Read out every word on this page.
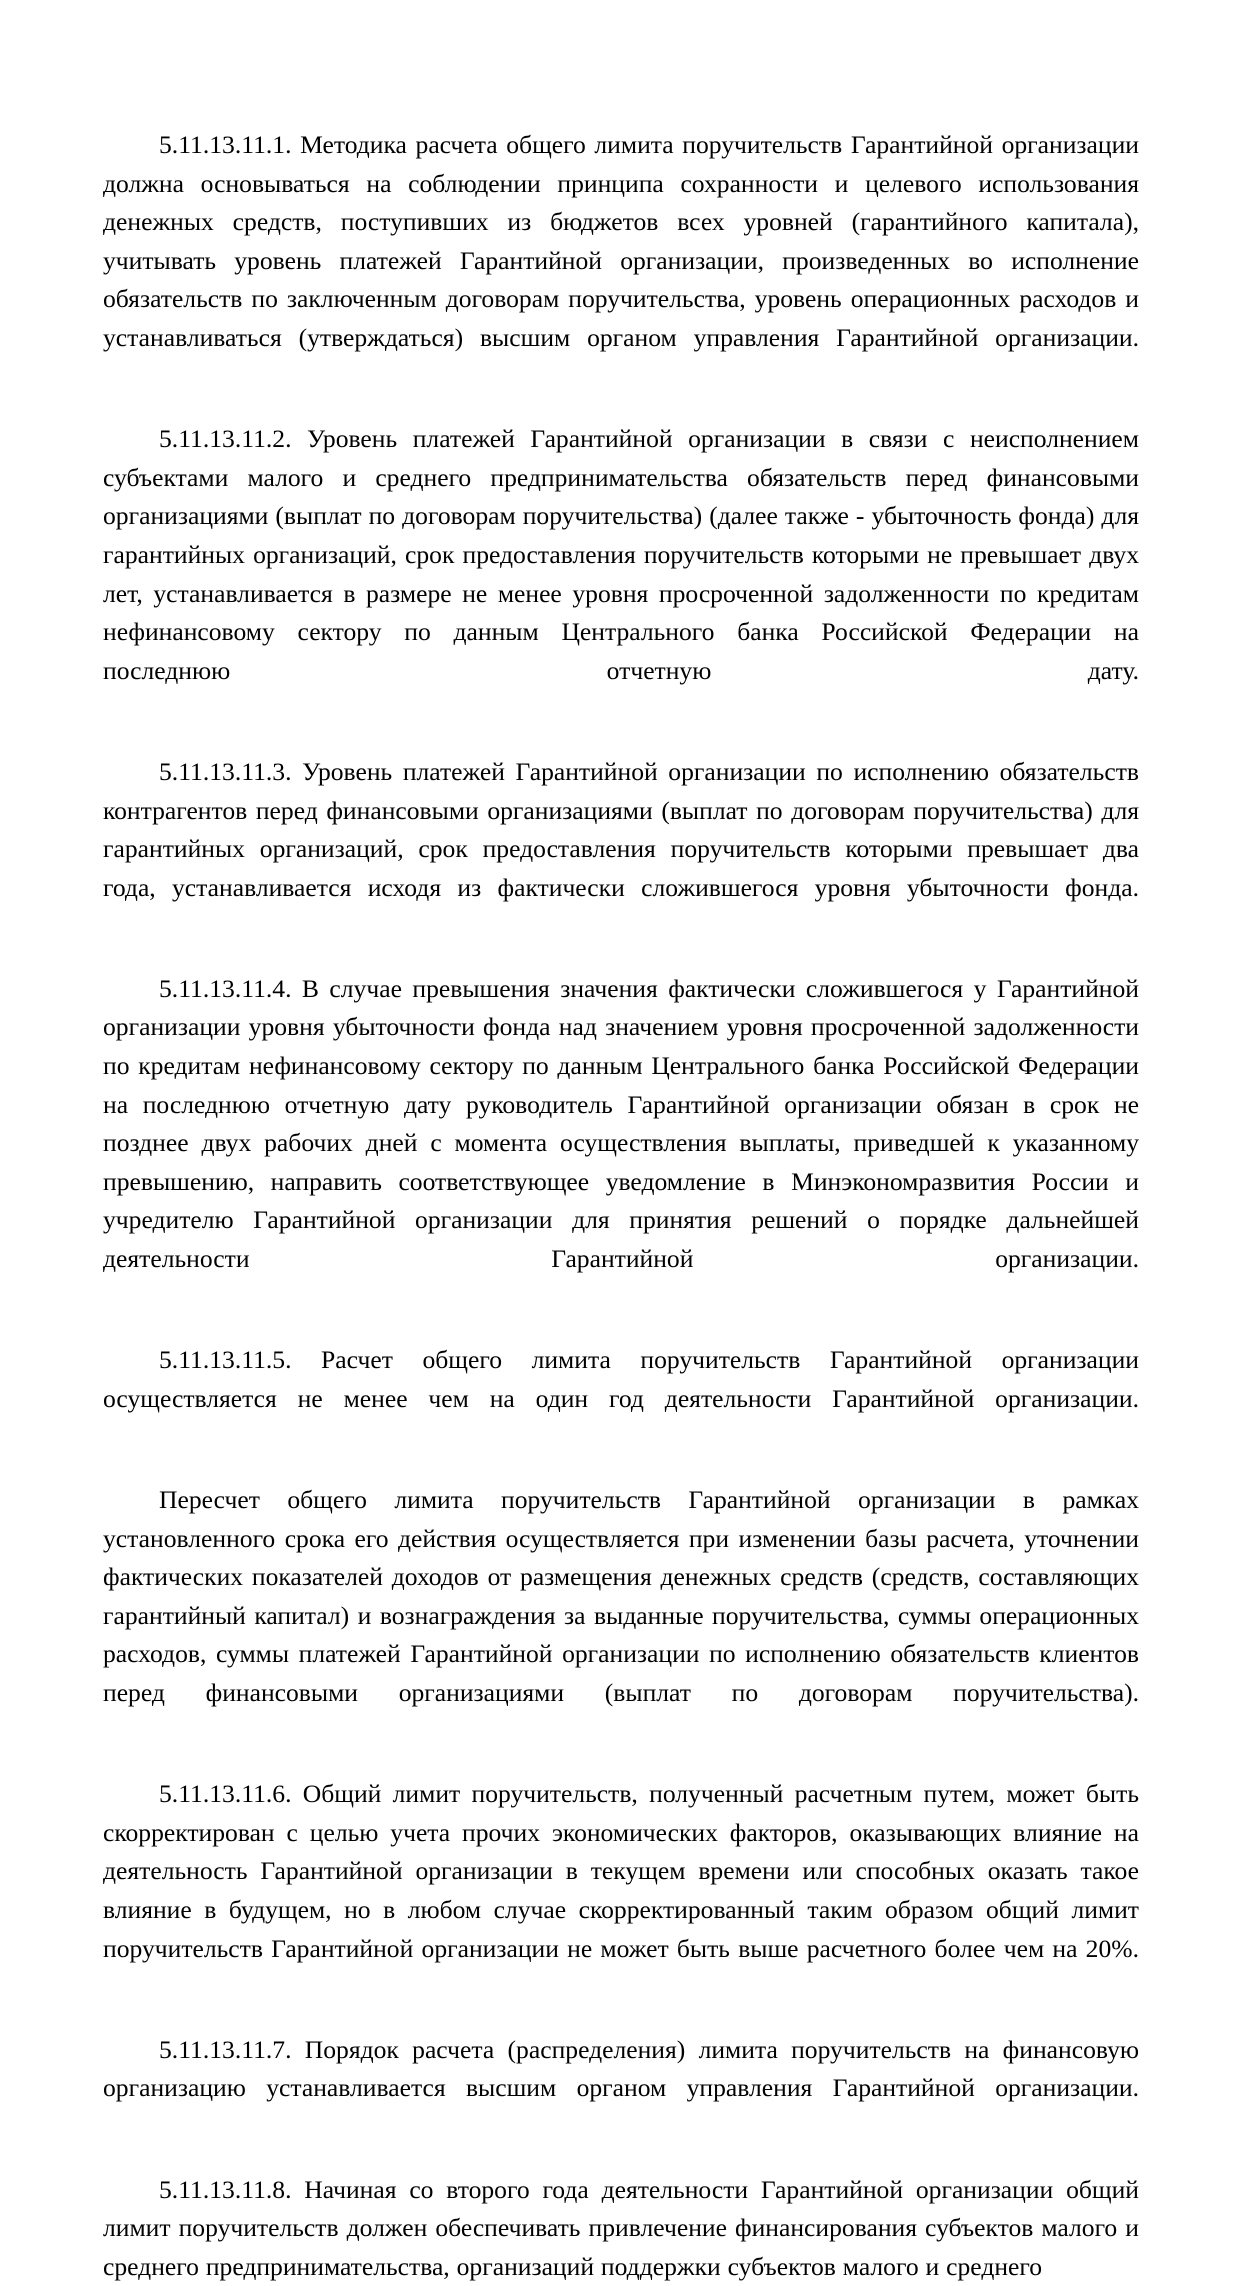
5.11.13.11.1. Методика расчета общего лимита поручительств Гарантийной организации должна основываться на соблюдении принципа сохранности и целевого использования денежных средств, поступивших из бюджетов всех уровней (гарантийного капитала), учитывать уровень платежей Гарантийной организации, произведенных во исполнение обязательств по заключенным договорам поручительства, уровень операционных расходов и устанавливаться (утверждаться) высшим органом управления Гарантийной организации.

5.11.13.11.2. Уровень платежей Гарантийной организации в связи с неисполнением субъектами малого и среднего предпринимательства обязательств перед финансовыми организациями (выплат по договорам поручительства) (далее также - убыточность фонда) для гарантийных организаций, срок предоставления поручительств которыми не превышает двух лет, устанавливается в размере не менее уровня просроченной задолженности по кредитам нефинансовому сектору по данным Центрального банка Российской Федерации на последнюю отчетную дату.

5.11.13.11.3. Уровень платежей Гарантийной организации по исполнению обязательств контрагентов перед финансовыми организациями (выплат по договорам поручительства) для гарантийных организаций, срок предоставления поручительств которыми превышает два года, устанавливается исходя из фактически сложившегося уровня убыточности фонда.

5.11.13.11.4. В случае превышения значения фактически сложившегося у Гарантийной организации уровня убыточности фонда над значением уровня просроченной задолженности по кредитам нефинансовому сектору по данным Центрального банка Российской Федерации на последнюю отчетную дату руководитель Гарантийной организации обязан в срок не позднее двух рабочих дней с момента осуществления выплаты, приведшей к указанному превышению, направить соответствующее уведомление в Минэкономразвития России и учредителю Гарантийной организации для принятия решений о порядке дальнейшей деятельности Гарантийной организации.

5.11.13.11.5. Расчет общего лимита поручительств Гарантийной организации осуществляется не менее чем на один год деятельности Гарантийной организации.

Пересчет общего лимита поручительств Гарантийной организации в рамках установленного срока его действия осуществляется при изменении базы расчета, уточнении фактических показателей доходов от размещения денежных средств (средств, составляющих гарантийный капитал) и вознаграждения за выданные поручительства, суммы операционных расходов, суммы платежей Гарантийной организации по исполнению обязательств клиентов перед финансовыми организациями (выплат по договорам поручительства).

5.11.13.11.6. Общий лимит поручительств, полученный расчетным путем, может быть скорректирован с целью учета прочих экономических факторов, оказывающих влияние на деятельность Гарантийной организации в текущем времени или способных оказать такое влияние в будущем, но в любом случае скорректированный таким образом общий лимит поручительств Гарантийной организации не может быть выше расчетного более чем на 20%.

5.11.13.11.7. Порядок расчета (распределения) лимита поручительств на финансовую организацию устанавливается высшим органом управления Гарантийной организации.

5.11.13.11.8. Начиная со второго года деятельности Гарантийной организации общий лимит поручительств должен обеспечивать привлечение финансирования субъектов малого и среднего предпринимательства, организаций поддержки субъектов малого и среднего
